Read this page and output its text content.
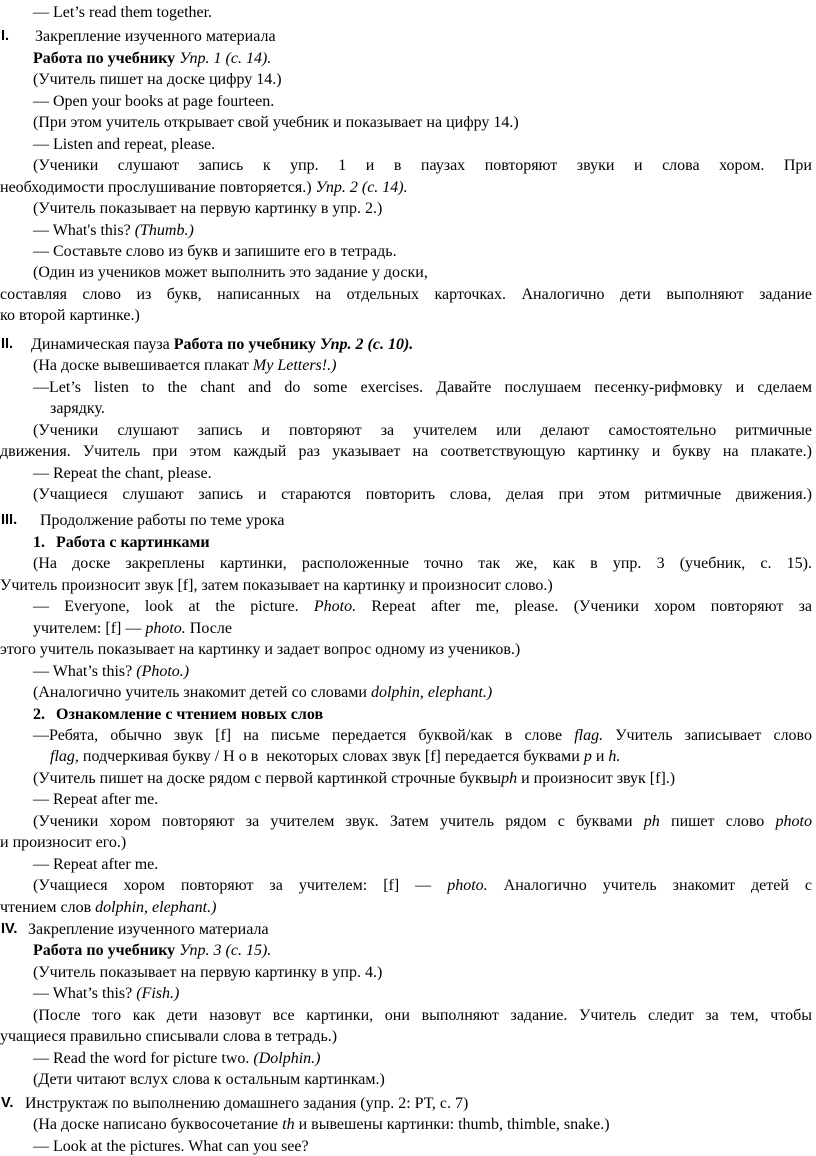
— Let’s read them together.
I. Закрепление изученного материала
Работа по учебнику Упр. 1 (с. 14).
(Учитель пишет на доске цифру 14.)
— Open your books at page fourteen.
(При этом учитель открывает свой учебник и показывает на цифру 14.)
— Listen and repeat, please.
(Ученики слушают запись к упр. 1 и в паузах повторяют звуки и слова хором. При
необходимости прослушивание повторяется.) Упр. 2 (с. 14).
(Учитель показывает на первую картинку в упр. 2.)
— What's this? (Thumb.)
— Составьте слово из букв и запишите его в тетрадь.
(Один из учеников может выполнить это задание у доски,
составляя слово из букв, написанных на отдельных карточках. Аналогично дети выполняют задание
ко второй картинке.)
II. Динамическая пауза Работа по учебнику Упр. 2 (с. 10).
(На доске вывешивается плакат My Letters!.)
—Let’s listen to the chant and do some exercises. Давайте послушаем песенку-рифмовку и сделаем
зарядку.
(Ученики слушают запись и повторяют за учителем или делают самостоятельно ритмичные
движения. Учитель при этом каждый раз указывает на соответствующую картинку и букву на плакате.)
— Repeat the chant, please.
(Учащиеся слушают запись и стараются повторить слова, делая при этом ритмичные движения.)
III. Продолжение работы по теме урока
1. Работа с картинками
(На доске закреплены картинки, расположенные точно так же, как в упр. 3 (учебник, с. 15).
Учитель произносит звук [f], затем показывает на картинку и произносит слово.)
— Everyone, look at the picture. Photo. Repeat after me, please. (Ученики хором повторяют за
учителем: [f] — photo. После
этого учитель показывает на картинку и задает вопрос одному из учеников.)
— What’s this? (Photo.)
(Аналогично учитель знакомит детей со словами dolphin, elephant.)
2. Ознакомление с чтением новых слов
—Ребята, обычно звук [f] на письме передается буквой/как в слове flag. Учитель записывает слово
flag, подчеркивая букву / Н о в  некоторых словах звук [f] передается буквами p и h.
(Учитель пишет на доске рядом с первой картинкой строчные буквыph и произносит звук [f].)
— Repeat after me.
(Ученики хором повторяют за учителем звук. Затем учитель рядом с буквами ph пишет слово photo
и произносит его.)
— Repeat after me.
(Учащиеся хором повторяют за учителем: [f] — photo. Аналогично учитель знакомит детей с
чтением слов dolphin, elephant.)
IV. Закрепление изученного материала
Работа по учебнику Упр. 3 (с. 15).
(Учитель показывает на первую картинку в упр. 4.)
— What’s this? (Fish.)
(После того как дети назовут все картинки, они выполняют задание. Учитель следит за тем, чтобы
учащиеся правильно списывали слова в тетрадь.)
— Read the word for picture two. (Dolphin.)
(Дети читают вслух слова к остальным картинкам.)
V. Инструктаж по выполнению домашнего задания (упр. 2: РТ, с. 7)
(На доске написано буквосочетание th и вывешены картинки: thumb, thimble, snake.)
— Look at the pictures. What can you see?
